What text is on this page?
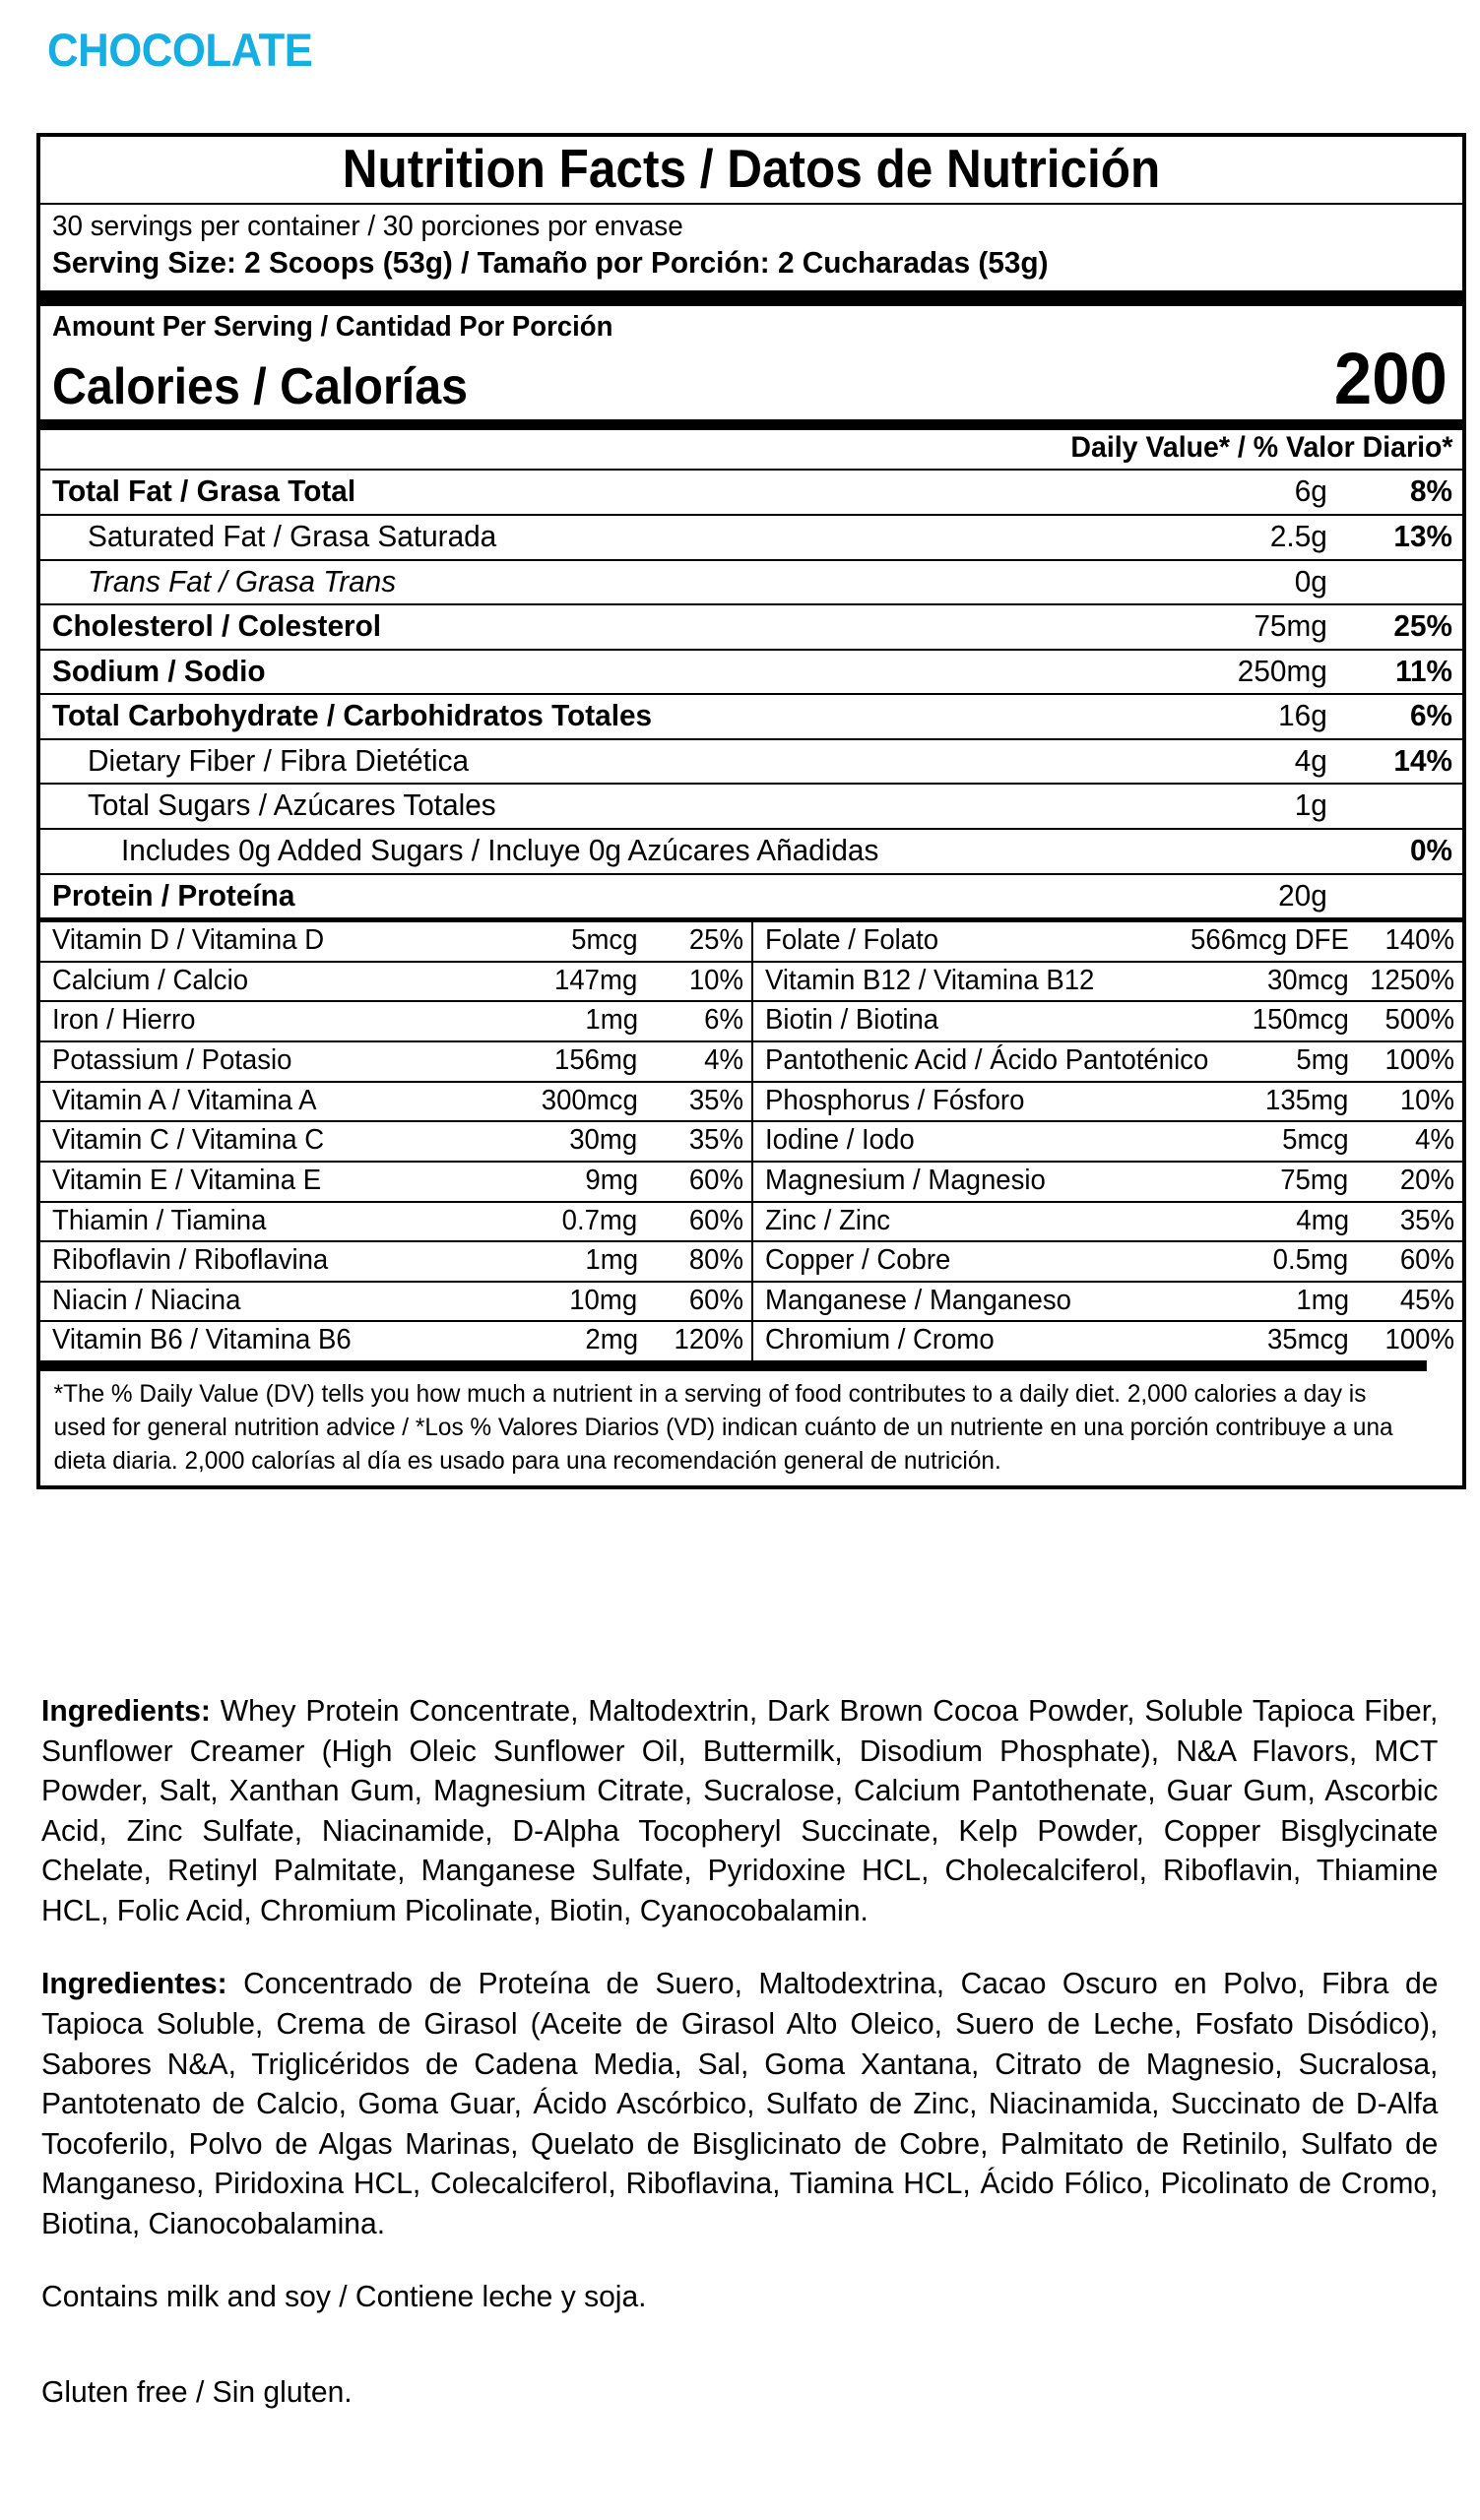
CHOCOLATE
Nutrition Facts / Datos de Nutrición
30 servings per container / 30 porciones por envase
Serving Size: 2 Scoops (53g) / Tamaño por Porción: 2 Cucharadas (53g)
Amount Per Serving / Cantidad Por Porción
Calories / Calorías	200
Daily Value* / % Valor Diario*
Total Fat / Grasa Total	6g	8%
Saturated Fat / Grasa Saturada	2.5g	13%
Trans Fat / Grasa Trans	0g
Cholesterol / Colesterol	75mg	25%
Sodium / Sodio	250mg	11%
Total Carbohydrate / Carbohidratos Totales	16g	6%
Dietary Fiber / Fibra Dietética	4g	14%
Total Sugars / Azúcares Totales	1g
Includes 0g Added Sugars / Incluye 0g Azúcares Añadidas	0%
Protein / Proteína	20g
Vitamin D / Vitamina D	5mcg	25%
Calcium / Calcio	147mg	10%
Iron / Hierro	1mg	6%
Potassium / Potasio	156mg	4%
Vitamin A / Vitamina A	300mcg	35%
Vitamin C / Vitamina C	30mg	35%
Vitamin E / Vitamina E	9mg	60%
Thiamin / Tiamina	0.7mg	60%
Riboflavin / Riboflavina	1mg	80%
Niacin / Niacina	10mg	60%
Vitamin B6 / Vitamina B6	2mg	120%
Folate / Folato	566mcg DFE	140%
Vitamin B12 / Vitamina B12	30mcg 1250%
Biotin / Biotina	150mcg	500%
Pantothenic Acid / Ácido Pantoténico	5mg	100%
Phosphorus / Fósforo	135mg	10%
Iodine / Iodo	5mcg	4%
Magnesium / Magnesio	75mg	20%
Zinc / Zinc	4mg	35%
Copper / Cobre	0.5mg	60%
Manganese / Manganeso	1mg	45%
Chromium / Cromo	35mcg	100%
*The % Daily Value (DV) tells you how much a nutrient in a serving of food contributes to a daily diet. 2,000 calories a day is used for general nutrition advice / *Los % Valores Diarios (VD) indican cuánto de un nutriente en una porción contribuye a una dieta diaria. 2,000 calorías al día es usado para una recomendación general de nutrición.

Ingredients: Whey Protein Concentrate, Maltodextrin, Dark Brown Cocoa Powder, Soluble Tapioca Fiber, Sunflower Creamer (High Oleic Sunflower Oil, Buttermilk, Disodium Phosphate), N&A Flavors, MCT Powder, Salt, Xanthan Gum, Magnesium Citrate, Sucralose, Calcium Pantothenate, Guar Gum, Ascorbic Acid, Zinc Sulfate, Niacinamide, D-Alpha Tocopheryl Succinate, Kelp Powder, Copper Bisglycinate Chelate, Retinyl Palmitate, Manganese Sulfate, Pyridoxine HCL, Cholecalciferol, Riboflavin, Thiamine HCL, Folic Acid, Chromium Picolinate, Biotin, Cyanocobalamin.

Ingredientes: Concentrado de Proteína de Suero, Maltodextrina, Cacao Oscuro en Polvo, Fibra de Tapioca Soluble, Crema de Girasol (Aceite de Girasol Alto Oleico, Suero de Leche, Fosfato Disódico), Sabores N&A, Triglicéridos de Cadena Media, Sal, Goma Xantana, Citrato de Magnesio, Sucralosa, Pantotenato de Calcio, Goma Guar, Ácido Ascórbico, Sulfato de Zinc, Niacinamida, Succinato de D-Alfa Tocoferilo, Polvo de Algas Marinas, Quelato de Bisglicinato de Cobre, Palmitato de Retinilo, Sulfato de Manganeso, Piridoxina HCL, Colecalciferol, Riboflavina, Tiamina HCL, Ácido Fólico, Picolinato de Cromo, Biotina, Cianocobalamina.

Contains milk and soy / Contiene leche y soja.

Gluten free / Sin gluten.
